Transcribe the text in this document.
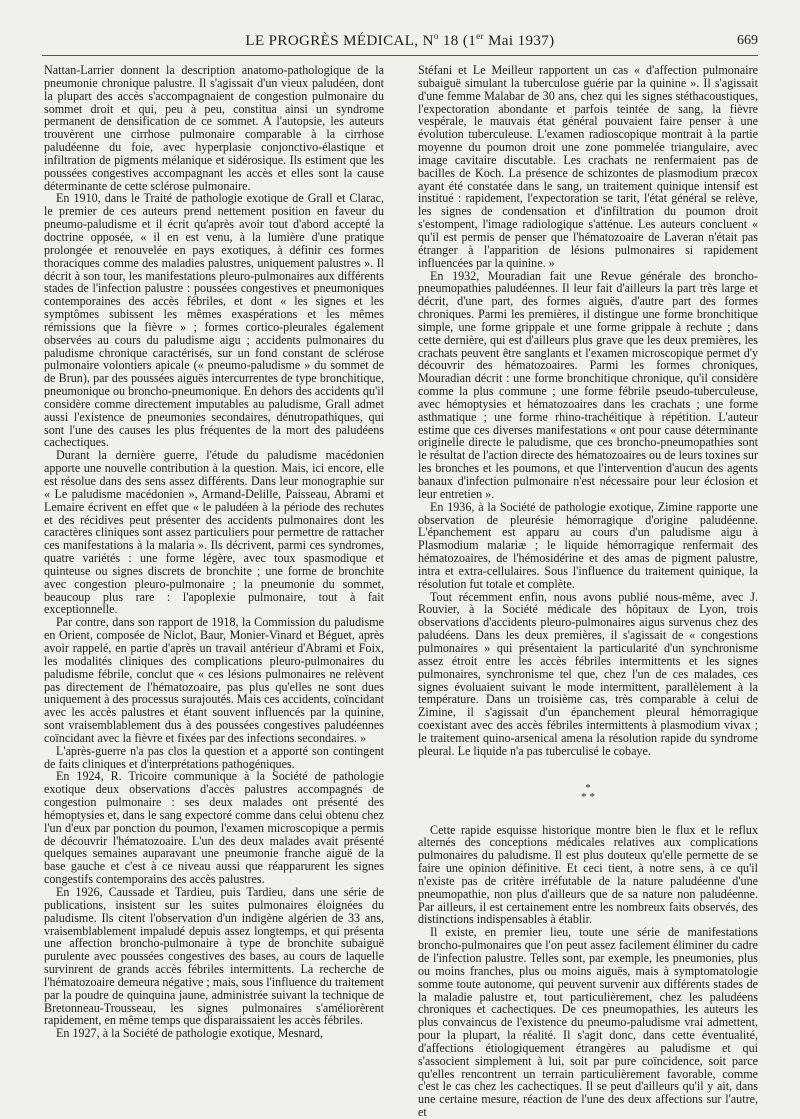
LE PROGRÈS MÉDICAL, $N^o$ 18 (1er Mai 1937)	669

Nattan-Larrier donnent la description anatomo-pathologique de la pneumonie chronique palustre. Il s'agissait d'un vieux paludéen, dont la plupart des accès s'accompagnaient de congestion pulmonaire du sommet droit et qui, peu à peu, constitua ainsi un syndrome permanent de densification de ce sommet. A l'autopsie, les auteurs trouvèrent une cirrhose pulmonaire comparable à la cirrhose paludéenne du foie, avec hyperplasie conjonctivo-élastique et infiltration de pigments mélanique et sidérosique. Ils estiment que les poussées congestives accompagnant les accès et elles sont la cause déterminante de cette sclérose pulmonaire.

En 1910, dans le Traité de pathologie exotique de Grall et Clarac, le premier de ces auteurs prend nettement position en faveur du pneumo-paludisme et il écrit qu'après avoir tout d'abord accepté la doctrine opposée, « il en est venu, à la lumière d'une pratique prolongée et renouvelée en pays exotiques, à définir ces formes thoraciques comme des maladies palustres, uniquement palustres ». Il décrit à son tour, les manifestations pleuro-pulmonaires aux différents stades de l'infection palustre : poussées congestives et pneumoniques contemporaines des accès fébriles, et dont « les signes et les symptômes subissent les mêmes exaspérations et les mêmes rémissions que la fièvre » ; formes cortico-pleurales également observées au cours du paludisme aigu ; accidents pulmonaires du paludisme chronique caractérisés, sur un fond constant de sclérose pulmonaire volontiers apicale (« pneumo-paludisme » du sommet de de Brun), par des poussées aiguës intercurrentes de type bronchitique, pneumonique ou broncho-pneumonique. En dehors des accidents qu'il considère comme directement imputables au paludisme, Grall admet aussi l'existence de pneumonies secondaires, dénutropathiques, qui sont l'une des causes les plus fréquentes de la mort des paludéens cachectiques.

Durant la dernière guerre, l'étude du paludisme macédonien apporte une nouvelle contribution à la question. Mais, ici encore, elle est résolue dans des sens assez différents. Dans leur monographie sur « Le paludisme macédonien », Armand-Delille, Paisseau, Abrami et Lemaire écrivent en effet que « le paludéen à la période des rechutes et des récidives peut présenter des accidents pulmonaires dont les caractères cliniques sont assez particuliers pour permettre de rattacher ces manifestations à la malaria ». Ils décrivent, parmi ces syndromes, quatre variétés : une forme légère, avec toux spasmodique et quinteuse ou signes discrets de bronchite ; une forme de bronchite avec congestion pleuro-pulmonaire ; la pneumonie du sommet, beaucoup plus rare : l'apoplexie pulmonaire, tout à fait exceptionnelle.

Par contre, dans son rapport de 1918, la Commission du paludisme en Orient, composée de Niclot, Baur, Monier-Vinard et Béguet, après avoir rappelé, en partie d'après un travail antérieur d'Abrami et Foix, les modalités cliniques des complications pleuro-pulmonaires du paludisme fébrile, conclut que « ces lésions pulmonaires ne relèvent pas directement de l'hématozoaire, pas plus qu'elles ne sont dues uniquement à des processus surajoutés. Mais ces accidents, coïncidant avec les accès palustres et étant souvent influencés par la quinine, sont vraisemblablement dus à des poussées congestives paludéennes coïncidant avec la fièvre et fixées par des infections secondaires. »

L'après-guerre n'a pas clos la question et a apporté son contingent de faits cliniques et d'interprétations pathogéniques.

En 1924, R. Tricoire communique à la Société de pathologie exotique deux observations d'accès palustres accompagnés de congestion pulmonaire : ses deux malades ont présenté des hémoptysies et, dans le sang expectoré comme dans celui obtenu chez l'un d'eux par ponction du poumon, l'examen microscopique a permis de découvrir l'hématozoaire. L'un des deux malades avait présenté quelques semaines auparavant une pneumonie franche aiguë de la base gauche et c'est à ce niveau aussi que réapparurent les signes congestifs contemporains des accès palustres.

En 1926, Caussade et Tardieu, puis Tardieu, dans une série de publications, insistent sur les suites pulmonaires éloignées du paludisme. Ils citent l'observation d'un indigène algérien de 33 ans, vraisemblablement impaludé depuis assez longtemps, et qui présenta une affection broncho-pulmonaire à type de bronchite subaiguë purulente avec poussées congestives des bases, au cours de laquelle survinrent de grands accès fébriles intermittents. La recherche de l'hématozoaire demeura négative ; mais, sous l'influence du traitement par la poudre de quinquina jaune, administrée suivant la technique de Bretonneau-Trousseau, les signes pulmonaires s'améliorèrent rapidement, en même temps que disparaissaient les accès fébriles.

En 1927, à la Société de pathologie exotique, Mesnard,

Stéfani et Le Meilleur rapportent un cas « d'affection pulmonaire subaiguë simulant la tuberculose guérie par la quinine ». Il s'agissait d'une femme Malabar de 30 ans, chez qui les signes stéthacoustiques, l'expectoration abondante et parfois teintée de sang, la fièvre vespérale, le mauvais état général pouvaient faire penser à une évolution tuberculeuse. L'examen radioscopique montrait à la partie moyenne du poumon droit une zone pommelée triangulaire, avec image cavitaire discutable. Les crachats ne renfermaient pas de bacilles de Koch. La présence de schizontes de plasmodium præcox ayant été constatée dans le sang, un traitement quinique intensif est institué : rapidement, l'expectoration se tarit, l'état général se relève, les signes de condensation et d'infiltration du poumon droit s'estompent, l'image radiologique s'atténue. Les auteurs concluent « qu'il est permis de penser que l'hématozoaire de Laveran n'était pas étranger à l'apparition de lésions pulmonaires si rapidement influencées par la quinine. »

En 1932, Mouradian fait une Revue générale des broncho-pneumopathies paludéennes. Il leur fait d'ailleurs la part très large et décrit, d'une part, des formes aiguës, d'autre part des formes chroniques. Parmi les premières, il distingue une forme bronchitique simple, une forme grippale et une forme grippale à rechute ; dans cette dernière, qui est d'ailleurs plus grave que les deux premières, les crachats peuvent être sanglants et l'examen microscopique permet d'y découvrir des hématozoaires. Parmi les formes chroniques, Mouradian décrit : une forme bronchitique chronique, qu'il considère comme la plus commune ; une forme fébrile pseudo-tuberculeuse, avec hémoptysies et hématozoaires dans les crachats ; une forme asthmatique ; une forme rhino-trachéitique à répétition. L'auteur estime que ces diverses manifestations « ont pour cause déterminante originelle directe le paludisme, que ces broncho-pneumopathies sont le résultat de l'action directe des hématozoaires ou de leurs toxines sur les bronches et les poumons, et que l'intervention d'aucun des agents banaux d'infection pulmonaire n'est nécessaire pour leur éclosion et leur entretien ».

En 1936, à la Société de pathologie exotique, Zimine rapporte une observation de pleurésie hémorragique d'origine paludéenne. L'épanchement est apparu au cours d'un paludisme aigu à Plasmodium malariæ ; le liquide hémorragique renfermait des hématozoaires, de l'hémosidérine et des amas de pigment palustre, intra et extra-cellulaires. Sous l'influence du traitement quinique, la résolution fut totale et complète.

Tout récemment enfin, nous avons publié nous-même, avec J. Rouvier, à la Société médicale des hôpitaux de Lyon, trois observations d'accidents pleuro-pulmonaires aigus survenus chez des paludéens. Dans les deux premières, il s'agissait de « congestions pulmonaires » qui présentaient la particularité d'un synchronisme assez étroit entre les accès fébriles intermittents et les signes pulmonaires, synchronisme tel que, chez l'un de ces malades, ces signes évoluaient suivant le mode intermittent, parallèlement à la température. Dans un troisième cas, très comparable à celui de Zimine, il s'agissait d'un épanchement pleural hémorragique coexistant avec des accès fébriles intermittents à plasmodium vivax ; le traitement quino-arsenical amena la résolution rapide du syndrome pleural. Le liquide n'a pas tuberculisé le cobaye.

*
* *

Cette rapide esquisse historique montre bien le flux et le reflux alternés des conceptions médicales relatives aux complications pulmonaires du paludisme. Il est plus douteux qu'elle permette de se faire une opinion définitive. Et ceci tient, à notre sens, à ce qu'il n'existe pas de critère irréfutable de la nature paludéenne d'une pneumopathie, non plus d'ailleurs que de sa nature non paludéenne. Par ailleurs, il est certainement entre les nombreux faits observés, des distinctions indispensables à établir.

Il existe, en premier lieu, toute une série de manifestations broncho-pulmonaires que l'on peut assez facilement éliminer du cadre de l'infection palustre. Telles sont, par exemple, les pneumonies, plus ou moins franches, plus ou moins aiguës, mais à symptomatologie somme toute autonome, qui peuvent survenir aux différents stades de la maladie palustre et, tout particulièrement, chez les paludéens chroniques et cachectiques. De ces pneumopathies, les auteurs les plus convaincus de l'existence du pneumo-paludisme vrai admettent, pour la plupart, la réalité. Il s'agit donc, dans cette éventualité, d'affections étiologiquement étrangères au paludisme et qui s'associent simplement à lui, soit par pure coïncidence, soit parce qu'elles rencontrent un terrain particulièrement favorable, comme c'est le cas chez les cachectiques. Il se peut d'ailleurs qu'il y ait, dans une certaine mesure, réaction de l'une des deux affections sur l'autre, et
